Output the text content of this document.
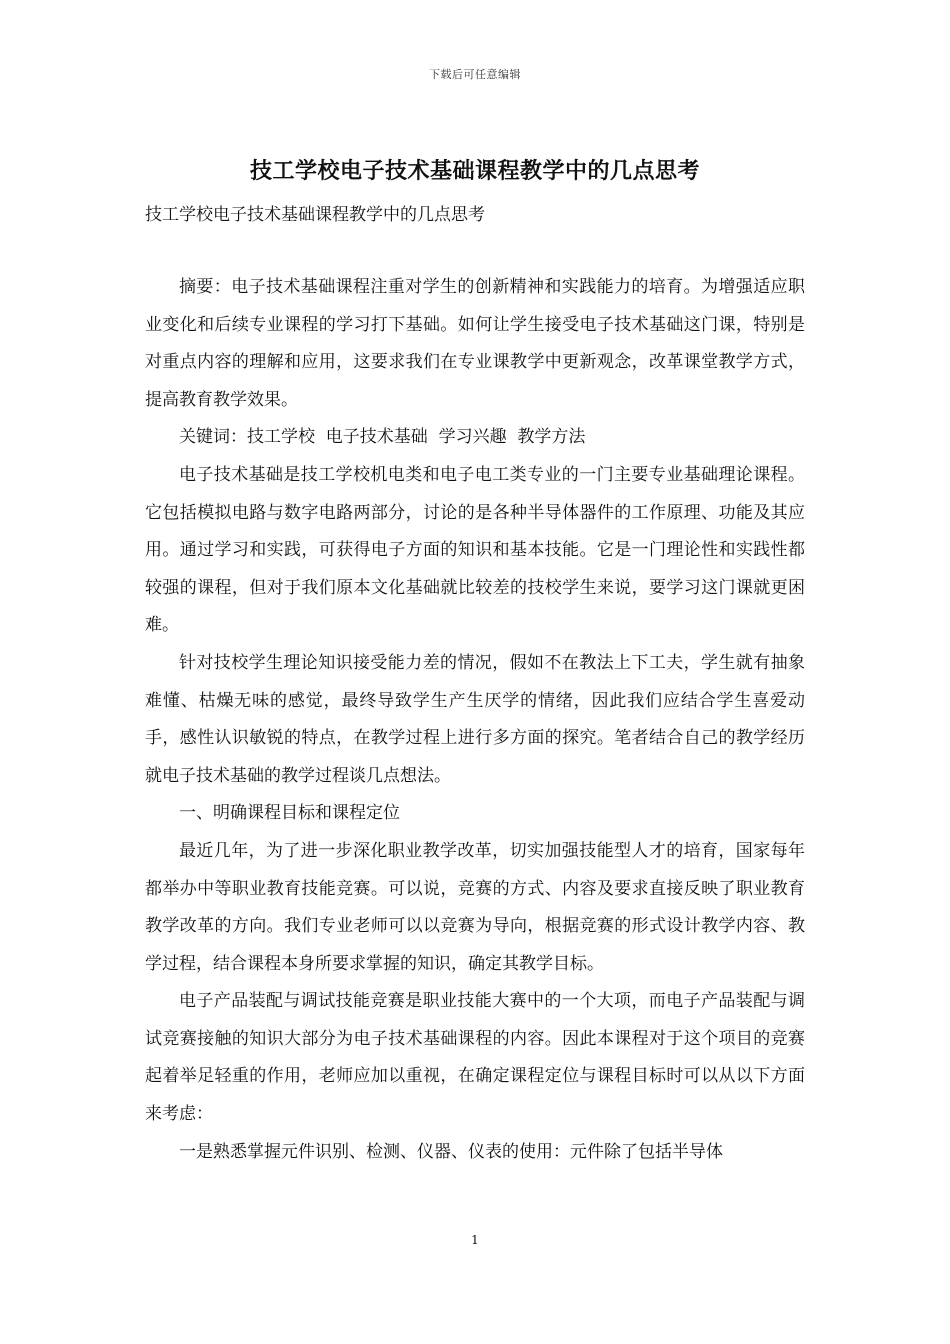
下载后可任意编辑
技工学校电子技术基础课程教学中的几点思考
技工学校电子技术基础课程教学中的几点思考

摘要：电子技术基础课程注重对学生的创新精神和实践能力的培育。为增强适应职业变化和后续专业课程的学习打下基础。如何让学生接受电子技术基础这门课，特别是对重点内容的理解和应用，这要求我们在专业课教学中更新观念，改革课堂教学方式，提高教育教学效果。

关键词：技工学校  电子技术基础  学习兴趣  教学方法

电子技术基础是技工学校机电类和电子电工类专业的一门主要专业基础理论课程。它包括模拟电路与数字电路两部分，讨论的是各种半导体器件的工作原理、功能及其应用。通过学习和实践，可获得电子方面的知识和基本技能。它是一门理论性和实践性都较强的课程，但对于我们原本文化基础就比较差的技校学生来说，要学习这门课就更困难。

针对技校学生理论知识接受能力差的情况，假如不在教法上下工夫，学生就有抽象难懂、枯燥无味的感觉，最终导致学生产生厌学的情绪，因此我们应结合学生喜爱动手，感性认识敏锐的特点，在教学过程上进行多方面的探究。笔者结合自己的教学经历就电子技术基础的教学过程谈几点想法。

一、明确课程目标和课程定位

最近几年，为了进一步深化职业教学改革，切实加强技能型人才的培育，国家每年都举办中等职业教育技能竞赛。可以说，竞赛的方式、内容及要求直接反映了职业教育教学改革的方向。我们专业老师可以以竞赛为导向，根据竞赛的形式设计教学内容、教学过程，结合课程本身所要求掌握的知识，确定其教学目标。

电子产品装配与调试技能竞赛是职业技能大赛中的一个大项，而电子产品装配与调试竞赛接触的知识大部分为电子技术基础课程的内容。因此本课程对于这个项目的竞赛起着举足轻重的作用，老师应加以重视，在确定课程定位与课程目标时可以从以下方面来考虑：

一是熟悉掌握元件识别、检测、仪器、仪表的使用：元件除了包括半导体

1
